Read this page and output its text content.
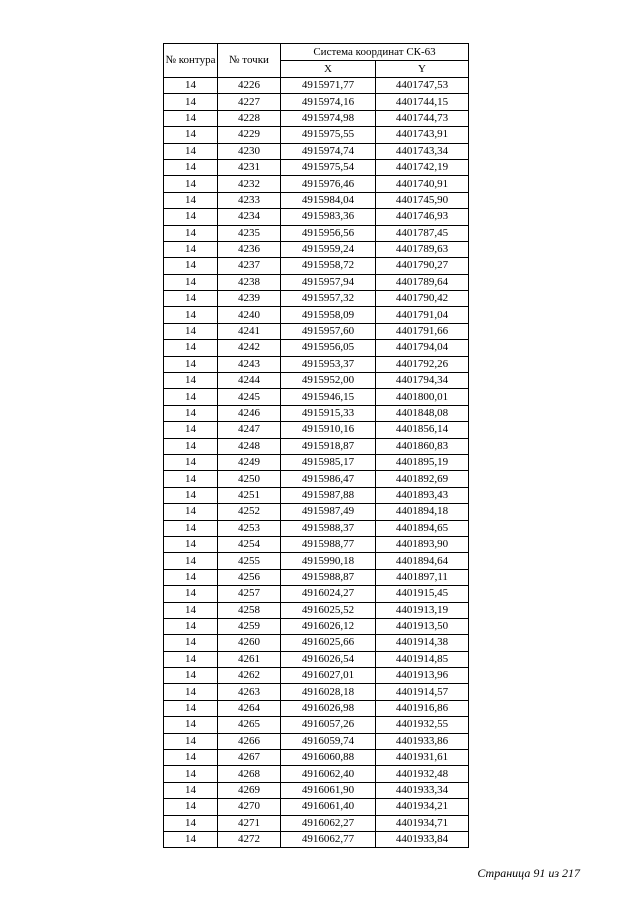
№ контура	№ точки	Система координат СК-63	
		X	Y
14	4226	4915971,77	4401747,53
14	4227	4915974,16	4401744,15
14	4228	4915974,98	4401744,73
14	4229	4915975,55	4401743,91
14	4230	4915974,74	4401743,34
14	4231	4915975,54	4401742,19
14	4232	4915976,46	4401740,91
14	4233	4915984,04	4401745,90
14	4234	4915983,36	4401746,93
14	4235	4915956,56	4401787,45
14	4236	4915959,24	4401789,63
14	4237	4915958,72	4401790,27
14	4238	4915957,94	4401789,64
14	4239	4915957,32	4401790,42
14	4240	4915958,09	4401791,04
14	4241	4915957,60	4401791,66
14	4242	4915956,05	4401794,04
14	4243	4915953,37	4401792,26
14	4244	4915952,00	4401794,34
14	4245	4915946,15	4401800,01
14	4246	4915915,33	4401848,08
14	4247	4915910,16	4401856,14
14	4248	4915918,87	4401860,83
14	4249	4915985,17	4401895,19
14	4250	4915986,47	4401892,69
14	4251	4915987,88	4401893,43
14	4252	4915987,49	4401894,18
14	4253	4915988,37	4401894,65
14	4254	4915988,77	4401893,90
14	4255	4915990,18	4401894,64
14	4256	4915988,87	4401897,11
14	4257	4916024,27	4401915,45
14	4258	4916025,52	4401913,19
14	4259	4916026,12	4401913,50
14	4260	4916025,66	4401914,38
14	4261	4916026,54	4401914,85
14	4262	4916027,01	4401913,96
14	4263	4916028,18	4401914,57
14	4264	4916026,98	4401916,86
14	4265	4916057,26	4401932,55
14	4266	4916059,74	4401933,86
14	4267	4916060,88	4401931,61
14	4268	4916062,40	4401932,48
14	4269	4916061,90	4401933,34
14	4270	4916061,40	4401934,21
14	4271	4916062,27	4401934,71
14	4272	4916062,77	4401933,84
Страница 91 из 217
